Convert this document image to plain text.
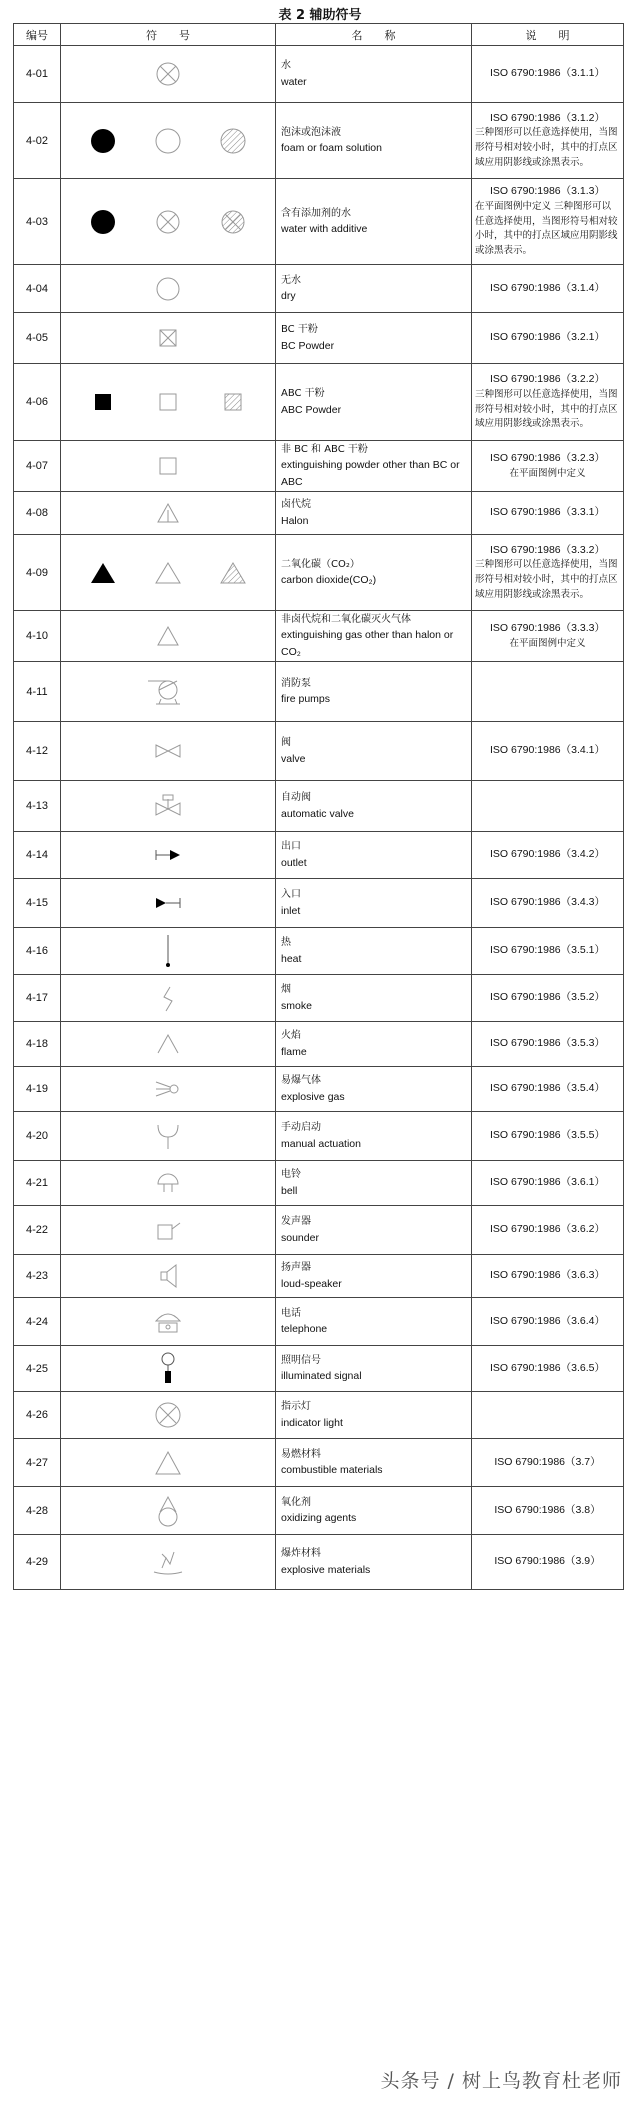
表 2 辅助符号
编号	符　　号	名　　称	说　　明
4-01		水
water	ISO 6790:1986（3.1.1）
4-02		泡沫或泡沫液
foam or foam solution	ISO 6790:1986（3.1.2）
三种图形可以任意选择使用，当图形符号相对较小时，其中的打点区域应用阴影线或涂黑表示。

4-03		含有添加剂的水
water with additive	ISO 6790:1986（3.1.3）
在平面图例中定义 三种图形可以任意选择使用，当图形符号相对较小时，其中的打点区域应用阴影线或涂黑表示。

4-04		无水
dry	ISO 6790:1986（3.1.4）
4-05		BC 干粉
BC Powder	ISO 6790:1986（3.2.1）
4-06		ABC 干粉
ABC Powder	ISO 6790:1986（3.2.2）
三种图形可以任意选择使用，当图形符号相对较小时，其中的打点区域应用阴影线或涂黑表示。

4-07		非 BC 和 ABC 干粉
extinguishing powder other than BC or ABC	ISO 6790:1986（3.2.3）
在平面图例中定义

4-08		卤代烷
Halon	ISO 6790:1986（3.3.1）
4-09		二氧化碳（CO₂）
carbon dioxide(CO₂)	ISO 6790:1986（3.3.2）
三种图形可以任意选择使用，当图形符号相对较小时，其中的打点区域应用阴影线或涂黑表示。

4-10		非卤代烷和二氧化碳灭火气体
extinguishing gas other than halon or CO₂	ISO 6790:1986（3.3.3）
在平面图例中定义

4-11		消防泵
fire pumps	

4-12		阀
valve	ISO 6790:1986（3.4.1）
4-13		自动阀
automatic valve	

4-14		出口
outlet	ISO 6790:1986（3.4.2）
4-15		入口
inlet	ISO 6790:1986（3.4.3）
4-16		热
heat	ISO 6790:1986（3.5.1）
4-17		烟
smoke	ISO 6790:1986（3.5.2）
4-18		火焰
flame	ISO 6790:1986（3.5.3）
4-19		易爆气体
explosive gas	ISO 6790:1986（3.5.4）
4-20		手动启动
manual actuation	ISO 6790:1986（3.5.5）
4-21		电铃
bell	ISO 6790:1986（3.6.1）
4-22		发声器
sounder	ISO 6790:1986（3.6.2）
4-23		扬声器
loud-speaker	ISO 6790:1986（3.6.3）
4-24		电话
telephone	ISO 6790:1986（3.6.4）
4-25		照明信号
illuminated signal	ISO 6790:1986（3.6.5）
4-26		指示灯
indicator light	

4-27		易燃材料
combustible materials	ISO 6790:1986（3.7）
4-28		氧化剂
oxidizing agents	ISO 6790:1986（3.8）
4-29		爆炸材料
explosive materials	ISO 6790:1986（3.9）
头条号 / 树上鸟教育杜老师
